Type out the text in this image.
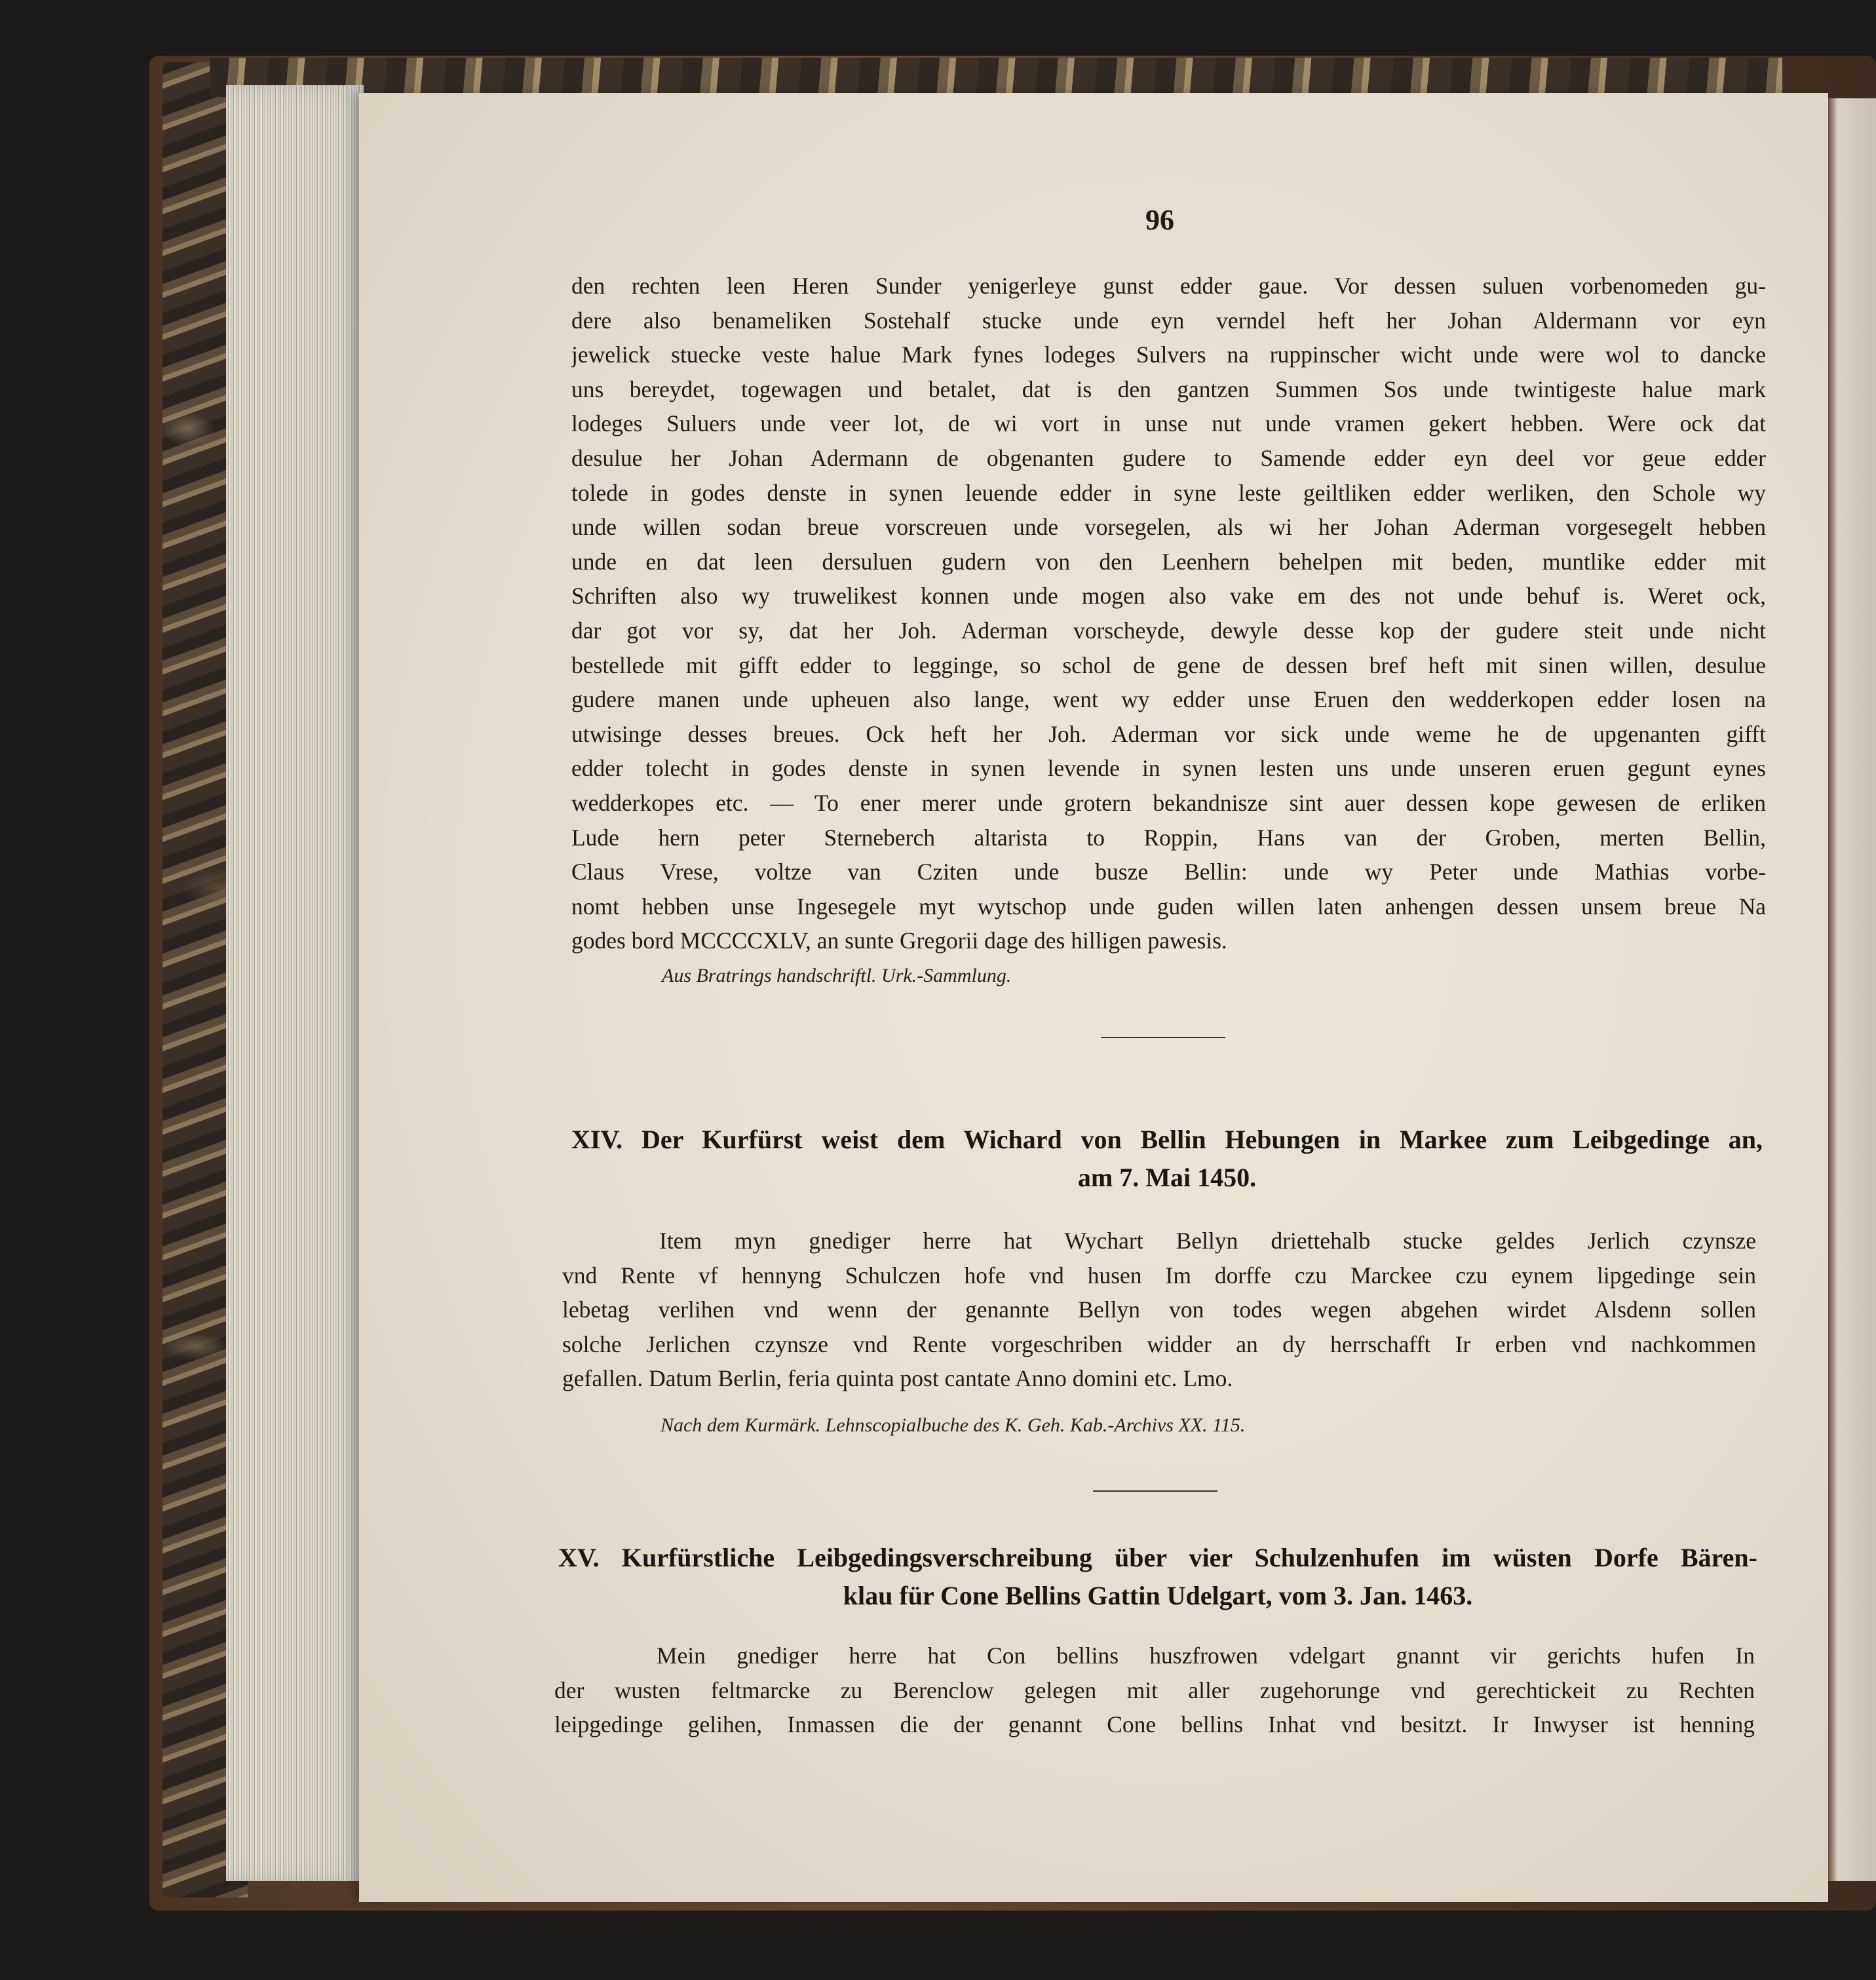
96
den rechten leen Heren Sunder yenigerleye gunst edder gaue. Vor dessen suluen vorbenomeden gu-
dere also benameliken Sostehalf stucke unde eyn verndel heft her Johan Aldermann vor eyn
jewelick stuecke veste halue Mark fynes lodeges Sulvers na ruppinscher wicht unde were wol to dancke
uns bereydet, togewagen und betalet, dat is den gantzen Summen Sos unde twintigeste halue mark
lodeges Suluers unde veer lot, de wi vort in unse nut unde vramen gekert hebben. Were ock dat
desulue her Johan Adermann de obgenanten gudere to Samende edder eyn deel vor geue edder
tolede in godes denste in synen leuende edder in syne leste geiltliken edder werliken, den Schole wy
unde willen sodan breue vorscreuen unde vorsegelen, als wi her Johan Aderman vorgesegelt hebben
unde en dat leen dersuluen gudern von den Leenhern behelpen mit beden, muntlike edder mit
Schriften also wy truwelikest konnen unde mogen also vake em des not unde behuf is. Weret ock,
dar got vor sy, dat her Joh. Aderman vorscheyde, dewyle desse kop der gudere steit unde nicht
bestellede mit gifft edder to legginge, so schol de gene de dessen bref heft mit sinen willen, desulue
gudere manen unde upheuen also lange, went wy edder unse Eruen den wedderkopen edder losen na
utwisinge desses breues. Ock heft her Joh. Aderman vor sick unde weme he de upgenanten gifft
edder tolecht in godes denste in synen levende in synen lesten uns unde unseren eruen gegunt eynes
wedderkopes etc. — To ener merer unde grotern bekandnisze sint auer dessen kope gewesen de erliken
Lude hern peter Sterneberch altarista to Roppin, Hans van der Groben, merten Bellin,
Claus Vrese, voltze van Cziten unde busze Bellin: unde wy Peter unde Mathias vorbe-
nomt hebben unse Ingesegele myt wytschop unde guden willen laten anhengen dessen unsem breue Na
godes bord MCCCCXLV, an sunte Gregorii dage des hilligen pawesis.
Aus Bratrings handschriftl. Urk.-Sammlung.
XIV. Der Kurfürst weist dem Wichard von Bellin Hebungen in Markee zum Leibgedinge an,
am 7. Mai 1450.
Item myn gnediger herre hat Wychart Bellyn driettehalb stucke geldes Jerlich czynsze
vnd Rente vf hennyng Schulczen hofe vnd husen Im dorffe czu Marckee czu eynem lipgedinge sein
lebetag verlihen vnd wenn der genannte Bellyn von todes wegen abgehen wirdet Alsdenn sollen
solche Jerlichen czynsze vnd Rente vorgeschriben widder an dy herrschafft Ir erben vnd nachkommen
gefallen. Datum Berlin, feria quinta post cantate Anno domini etc. Lmo.
Nach dem Kurmärk. Lehnscopialbuche des K. Geh. Kab.-Archivs XX. 115.
XV. Kurfürstliche Leibgedingsverschreibung über vier Schulzenhufen im wüsten Dorfe Bären-
klau für Cone Bellins Gattin Udelgart, vom 3. Jan. 1463.
Mein gnediger herre hat Con bellins huszfrowen vdelgart gnannt vir gerichts hufen In
der wusten feltmarcke zu Berenclow gelegen mit aller zugehorunge vnd gerechtickeit zu Rechten
leipgedinge gelihen, Inmassen die der genannt Cone bellins Inhat vnd besitzt. Ir Inwyser ist henning
